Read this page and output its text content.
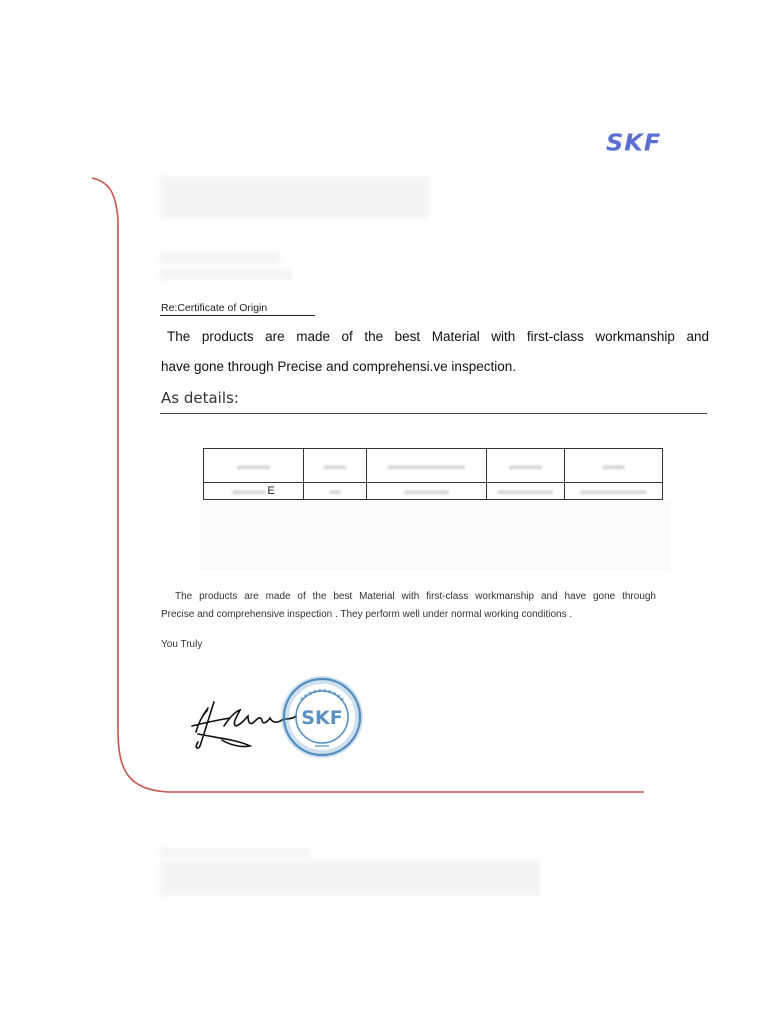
SKF
Re:Certificate of Origin
The products are made of the best Material with first-class workmanship and
have gone through Precise and comprehensi.ve inspection.
As details:
▬▬▬	▬▬	▬▬▬▬▬▬▬	▬▬▬	▬▬
▬▬▬ E	▬	▬▬▬▬	▬▬▬▬▬	▬▬▬▬▬▬
The products are made of the best Material with first-class workmanship and have gone through
Precise and comprehensive inspection . They perform well under normal working conditions .
You Truly
SKF
